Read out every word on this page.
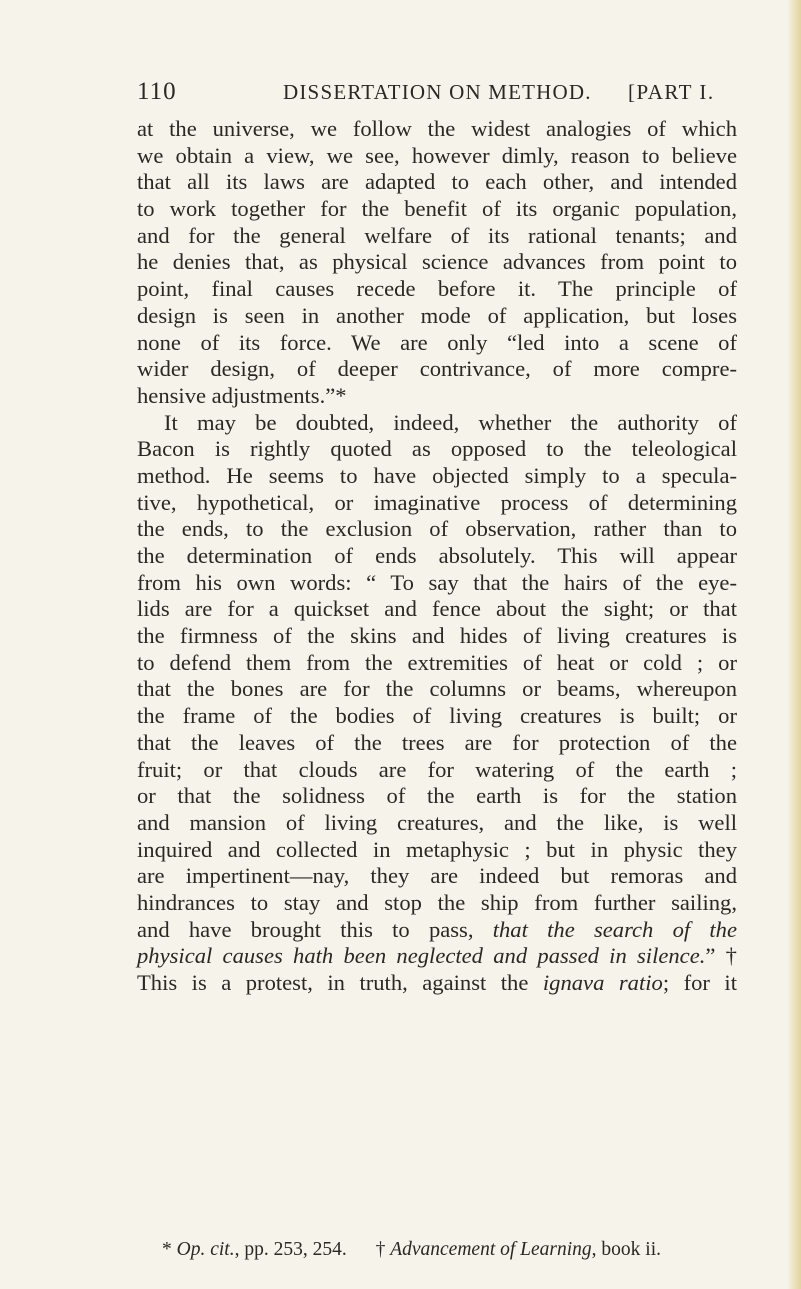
110	DISSERTATION ON METHOD. [PART I.
at the universe, we follow the widest analogies of which
we obtain a view, we see, however dimly, reason to believe
that all its laws are adapted to each other, and intended
to work together for the benefit of its organic population,
and for the general welfare of its rational tenants; and
he denies that, as physical science advances from point to
point, final causes recede before it. The principle of
design is seen in another mode of application, but loses
none of its force. We are only “led into a scene of
wider design, of deeper contrivance, of more compre-
hensive adjustments.”*
It may be doubted, indeed, whether the authority of
Bacon is rightly quoted as opposed to the teleological
method. He seems to have objected simply to a specula-
tive, hypothetical, or imaginative process of determining
the ends, to the exclusion of observation, rather than to
the determination of ends absolutely. This will appear
from his own words: “ To say that the hairs of the eye-
lids are for a quickset and fence about the sight; or that
the firmness of the skins and hides of living creatures is
to defend them from the extremities of heat or cold ; or
that the bones are for the columns or beams, whereupon
the frame of the bodies of living creatures is built; or
that the leaves of the trees are for protection of the
fruit; or that clouds are for watering of the earth ;
or that the solidness of the earth is for the station
and mansion of living creatures, and the like, is well
inquired and collected in metaphysic ; but in physic they
are impertinent—nay, they are indeed but remoras and
hindrances to stay and stop the ship from further sailing,
and have brought this to pass, that the search of the
physical causes hath been neglected and passed in silence.” †
This is a protest, in truth, against the ignava ratio; for it
* Op. cit., pp. 253, 254. † Advancement of Learning, book ii.
